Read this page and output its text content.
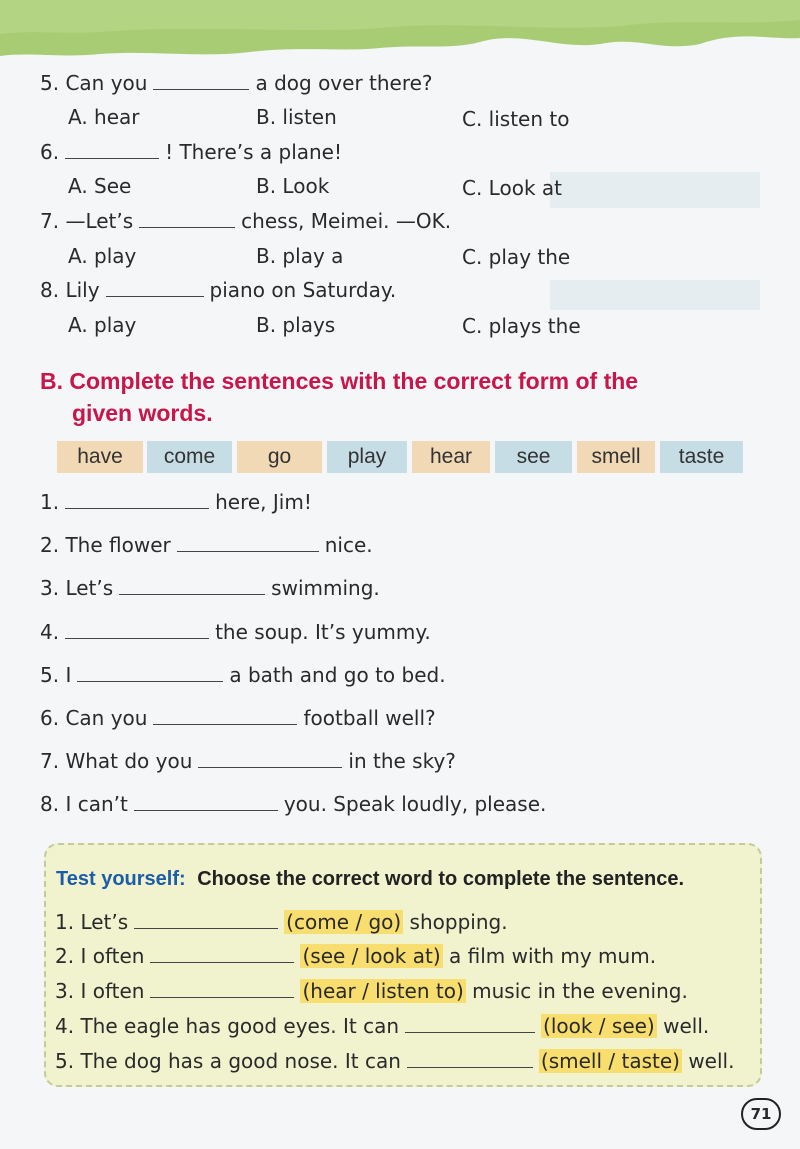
5. Can you	a dog over there?
A. hear	B. listen	C. listen to
6.	! There’s a plane!
A. See	B. Look	C. Look at
7. —Let’s	chess, Meimei. —OK.
A. play	B. play a	C. play the
8. Lily	piano on Saturday.
A. play	B. plays	C. plays the
B. Complete the sentences with the correct form of the
given words.
have	come	go	play	hear	see	smell	taste
1.	here, Jim!
2. The flower	nice.
3. Let’s	swimming.
4.	the soup. It’s yummy.
5. I	a bath and go to bed.
6. Can you	football well?
7. What do you	in the sky?
8. I can’t	you. Speak loudly, please.
Test yourself: Choose the correct word to complete the sentence.
1. Let’s	(come / go) shopping.
2. I often	(see / look at) a film with my mum.
3. I often	(hear / listen to) music in the evening.
4. The eagle has good eyes. It can	(look / see) well.
5. The dog has a good nose. It can	(smell / taste) well.
71
